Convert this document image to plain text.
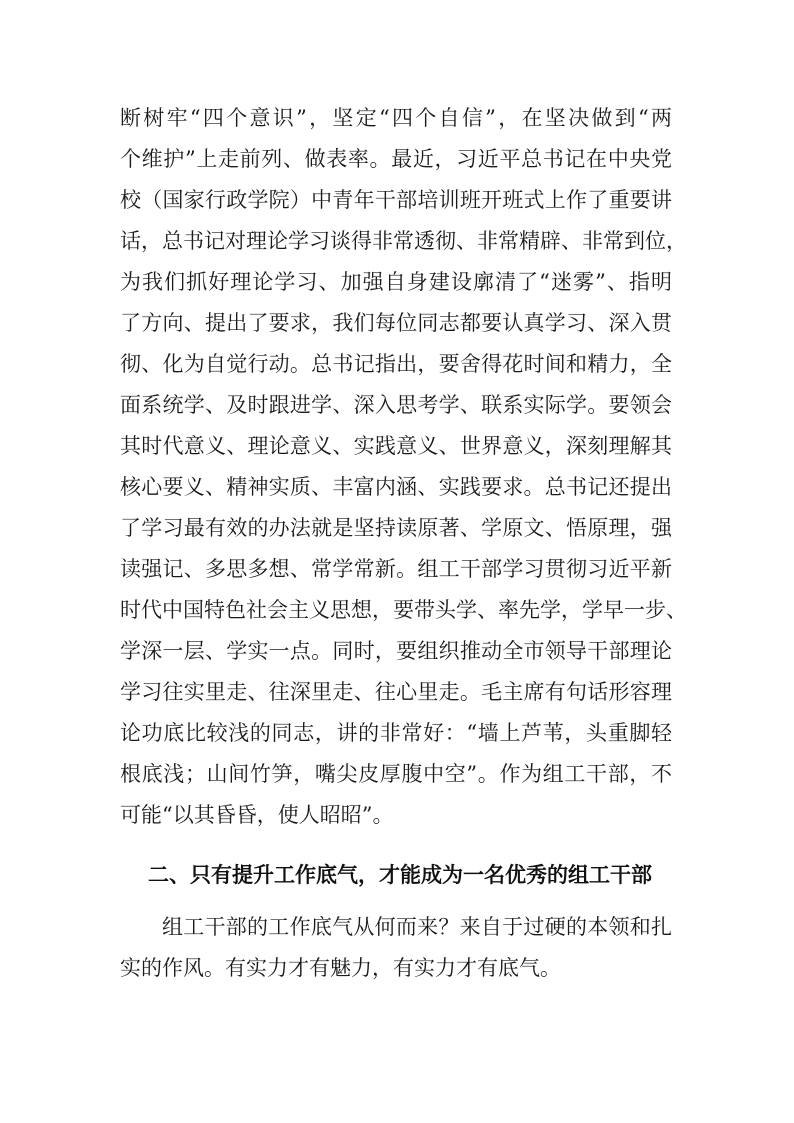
断树牢“四个意识”，坚定“四个自信”，在坚决做到“两
个维护”上走前列、做表率。最近，习近平总书记在中央党
校（国家行政学院）中青年干部培训班开班式上作了重要讲
话，总书记对理论学习谈得非常透彻、非常精辟、非常到位，
为我们抓好理论学习、加强自身建设廓清了“迷雾”、指明
了方向、提出了要求，我们每位同志都要认真学习、深入贯
彻、化为自觉行动。总书记指出，要舍得花时间和精力，全
面系统学、及时跟进学、深入思考学、联系实际学。要领会
其时代意义、理论意义、实践意义、世界意义，深刻理解其
核心要义、精神实质、丰富内涵、实践要求。总书记还提出
了学习最有效的办法就是坚持读原著、学原文、悟原理，强
读强记、多思多想、常学常新。组工干部学习贯彻习近平新
时代中国特色社会主义思想，要带头学、率先学，学早一步、
学深一层、学实一点。同时，要组织推动全市领导干部理论
学习往实里走、往深里走、往心里走。毛主席有句话形容理
论功底比较浅的同志，讲的非常好：“墙上芦苇，头重脚轻
根底浅；山间竹笋，嘴尖皮厚腹中空”。作为组工干部，不
可能“以其昏昏，使人昭昭”。
二、只有提升工作底气，才能成为一名优秀的组工干部
组工干部的工作底气从何而来？来自于过硬的本领和扎
实的作风。有实力才有魅力，有实力才有底气。
